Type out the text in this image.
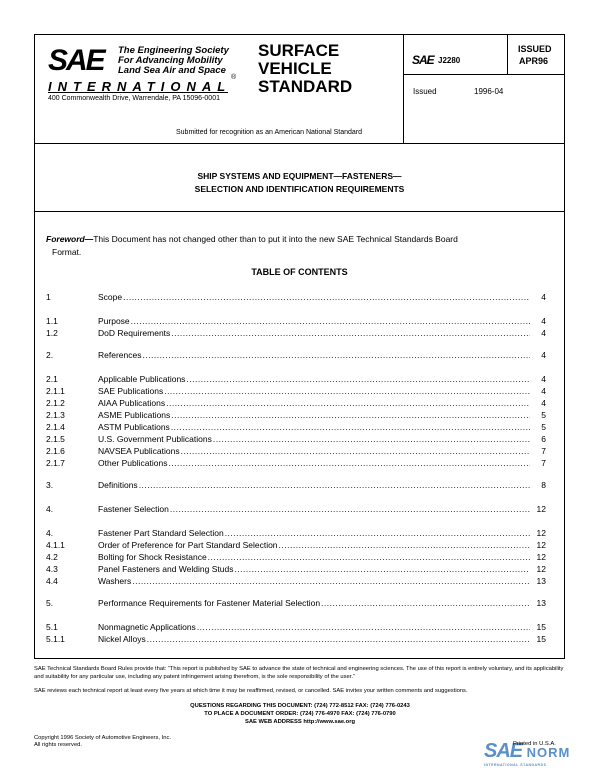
SAE The Engineering Society
For Advancing Mobility
Land Sea Air and Space
INTERNATIONAL
®
400 Commonwealth Drive, Warrendale, PA 15096-0001
SURFACE
VEHICLE
STANDARD
SAE J2280
Issued	1996-04
ISSUED
APR96
Submitted for recognition as an American National Standard
SHIP SYSTEMS AND EQUIPMENT—FASTENERS—
SELECTION AND IDENTIFICATION REQUIREMENTS
Foreword—This Document has not changed other than to put it into the new SAE Technical Standards Board
Format.
TABLE OF CONTENTS
1	Scope .....	4
1.1	Purpose .....	4
1.2	DoD Requirements .....	4
2.	References .....	4
2.1	Applicable Publications .....	4
2.1.1	SAE Publications .....	4
2.1.2	AIAA Publications .....	4
2.1.3	ASME Publications .....	5
2.1.4	ASTM Publications .....	5
2.1.5	U.S. Government Publications .....	6
2.1.6	NAVSEA Publications .....	7
2.1.7	Other Publications .....	7
3.	Definitions .....	8
4.	Fastener Selection .....	12
4.	Fastener Part Standard Selection .....	12
4.1.1	Order of Preference for Part Standard Selection .....	12
4.2	Bolting for Shock Resistance .....	12
4.3	Panel Fasteners and Welding Studs .....	12
4.4	Washers .....	13
5.	Performance Requirements for Fastener Material Selection .....	13
5.1	Nonmagnetic Applications .....	15
5.1.1	Nickel Alloys .....	15
SAE Technical Standards Board Rules provide that: “This report is published by SAE to advance the state of technical and engineering sciences. The use of this report is entirely voluntary, and its applicability and suitability for any particular use, including any patent infringement arising therefrom, is the sole responsibility of the user.”
SAE reviews each technical report at least every five years at which time it may be reaffirmed, revised, or cancelled. SAE invites your written comments and suggestions.
QUESTIONS REGARDING THIS DOCUMENT: (724) 772-8512 FAX: (724) 776-0243
TO PLACE A DOCUMENT ORDER: (724) 776-4970 FAX: (724) 776-0790
SAE WEB ADDRESS http://www.sae.org
Copyright 1996 Society of Automotive Engineers, Inc.
All rights reserved.	SAE NORM
INTERNATIONAL STANDARDS
Printed in U.S.A.
